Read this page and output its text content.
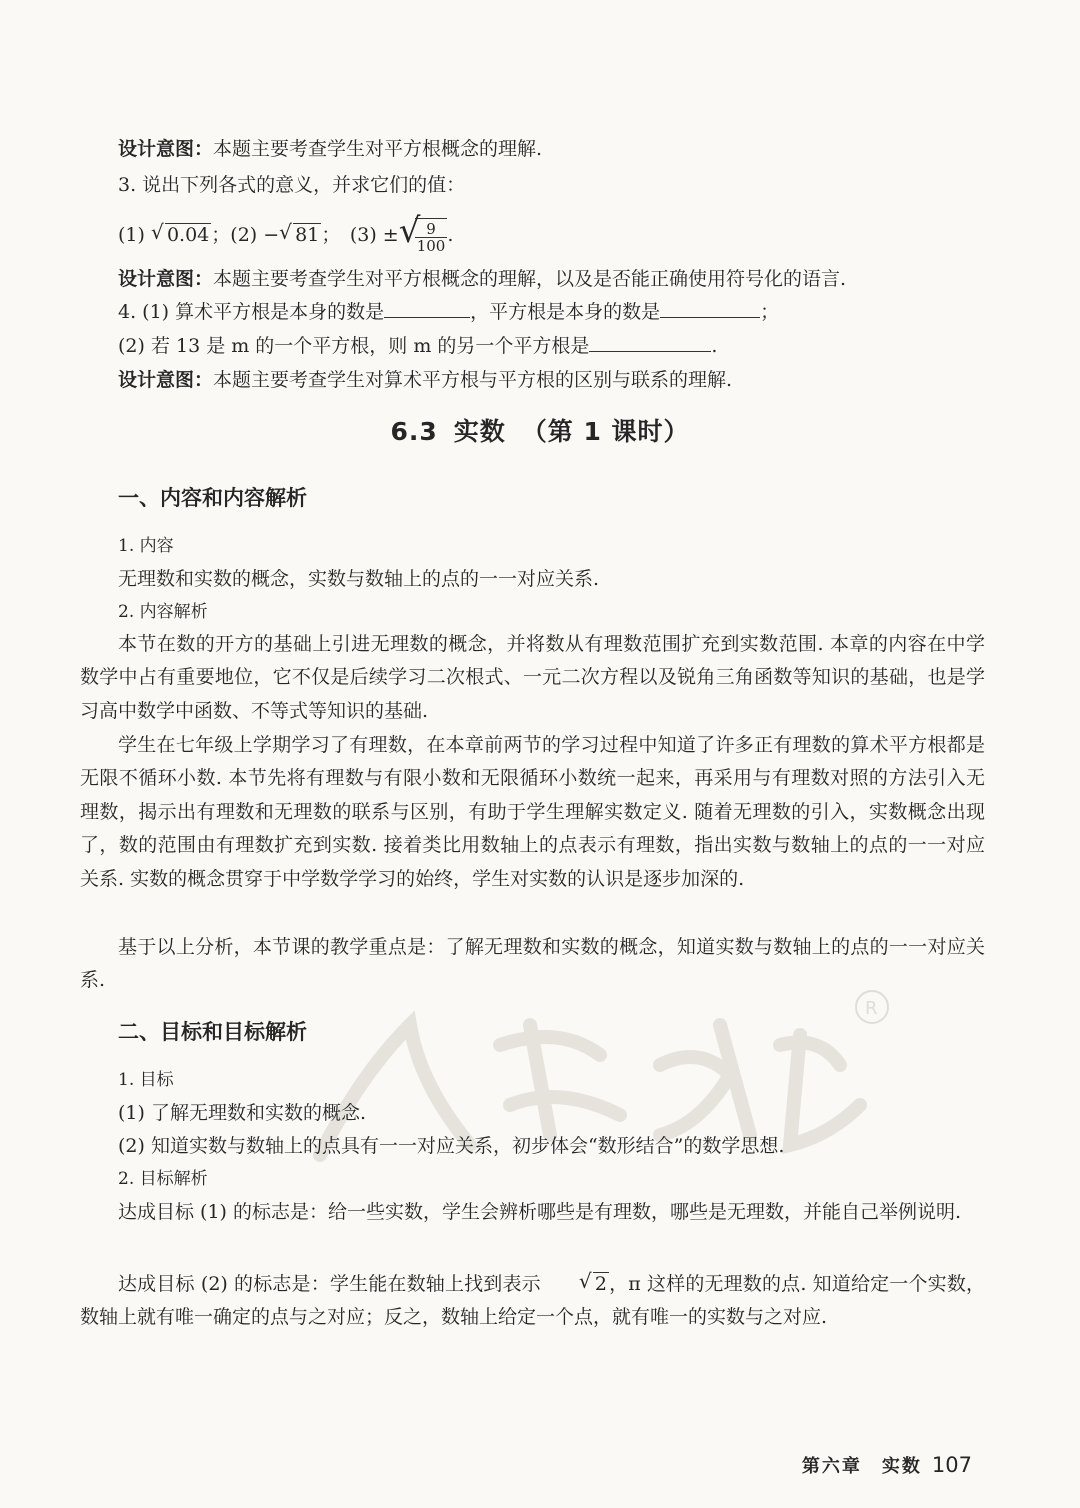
R
设计意图：本题主要考查学生对平方根概念的理解.
3. 说出下列各式的意义，并求它们的值：
(1) √ 0.04 ；(2) − √ 81 ；　(3) ± √
$\frac{9}{100}$ .
设计意图：本题主要考查学生对平方根概念的理解，以及是否能正确使用符号化的语言.
4. (1) 算术平方根是本身的数是	，平方根是本身的数是	；
(2) 若 13 是 m 的一个平方根，则 m 的另一个平方根是	.
设计意图：本题主要考查学生对算术平方根与平方根的区别与联系的理解.
6.3 实数 （第 1 课时）
一、内容和内容解析
1. 内容
无理数和实数的概念，实数与数轴上的点的一一对应关系.
2. 内容解析
本节在数的开方的基础上引进无理数的概念，并将数从有理数范围扩充到实数范围. 本章的内容在中学数学中占有重要地位，它不仅是后续学习二次根式、一元二次方程以及锐角三角函数等知识的基础，也是学习高中数学中函数、不等式等知识的基础.
学生在七年级上学期学习了有理数，在本章前两节的学习过程中知道了许多正有理数的算术平方根都是无限不循环小数. 本节先将有理数与有限小数和无限循环小数统一起来，再采用与有理数对照的方法引入无理数，揭示出有理数和无理数的联系与区别，有助于学生理解实数定义. 随着无理数的引入，实数概念出现了，数的范围由有理数扩充到实数. 接着类比用数轴上的点表示有理数，指出实数与数轴上的点的一一对应关系. 实数的概念贯穿于中学数学学习的始终，学生对实数的认识是逐步加深的.
基于以上分析，本节课的教学重点是：了解无理数和实数的概念，知道实数与数轴上的点的一一对应关系.
二、目标和目标解析
1. 目标
(1) 了解无理数和实数的概念.
(2) 知道实数与数轴上的点具有一一对应关系，初步体会“数形结合”的数学思想.
2. 目标解析
达成目标 (1) 的标志是：给一些实数，学生会辨析哪些是有理数，哪些是无理数，并能自己举例说明.
达成目标 (2) 的标志是：学生能在数轴上找到表示	√ 2 ，π 这样的无理数的点. 知道给定一个实数，数轴上就有唯一确定的点与之对应；反之，数轴上给定一个点，就有唯一的实数与之对应.
第六章　实数 107
